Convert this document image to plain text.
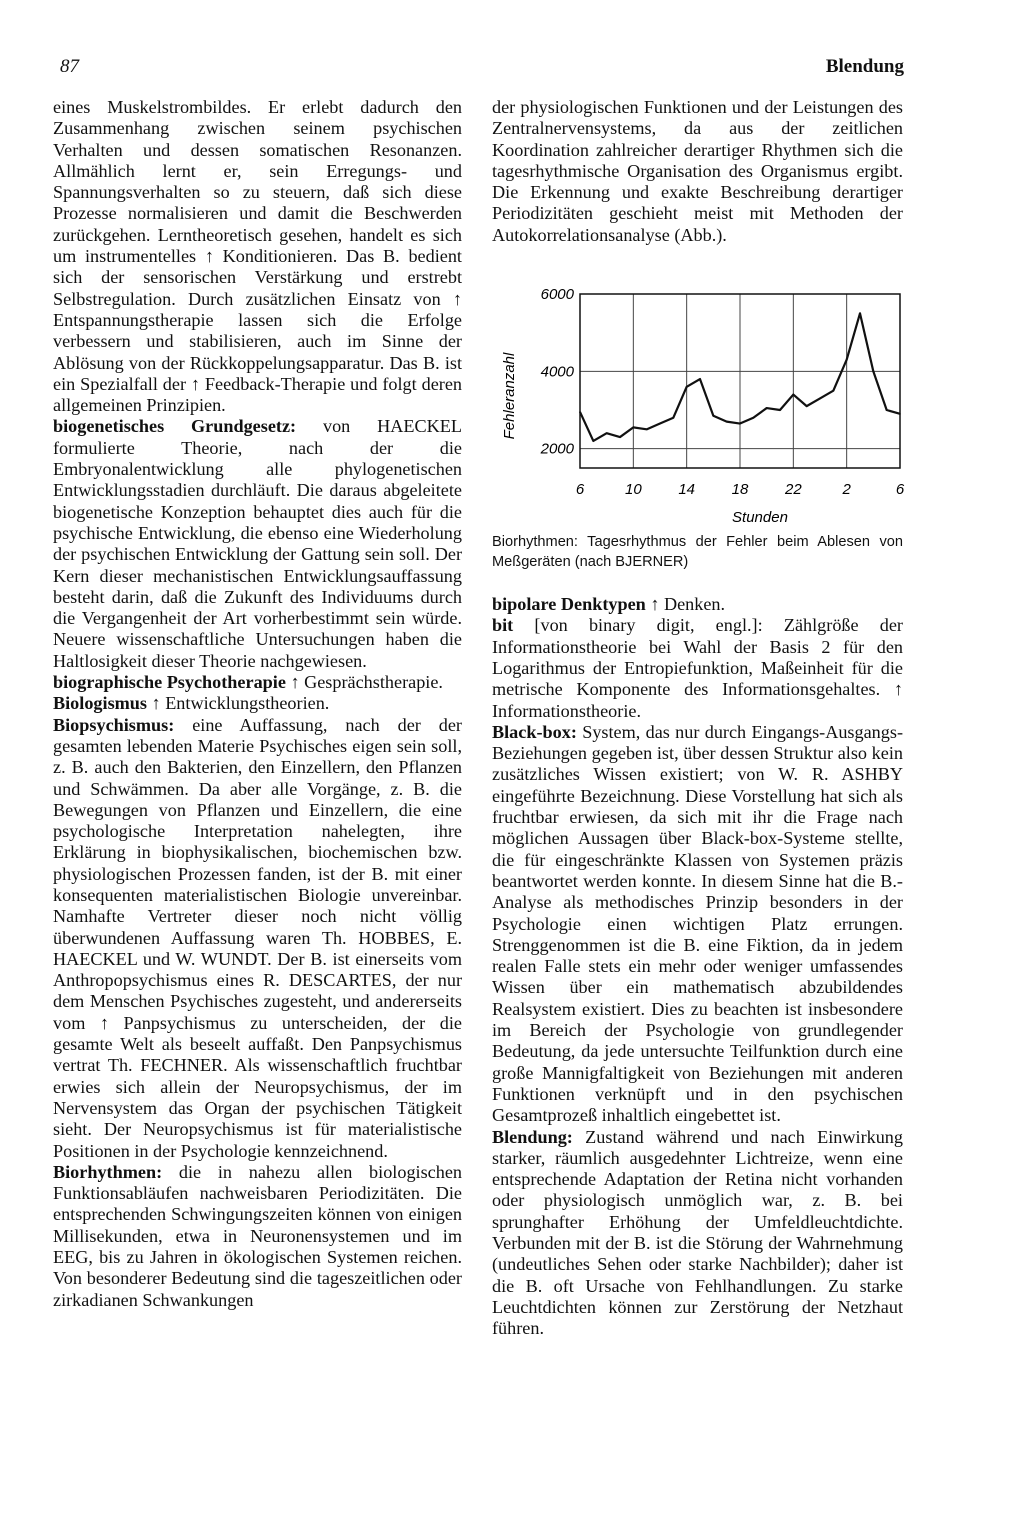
87	Blendung

eines Muskelstrombildes. Er erlebt dadurch den Zusammenhang zwischen seinem psychischen Verhalten und dessen somatischen Resonanzen. Allmählich lernt er, sein Erregungs- und Spannungsverhalten so zu steuern, daß sich diese Prozesse normalisieren und damit die Beschwerden zurückgehen. Lerntheoretisch gesehen, handelt es sich um instrumentelles ↑ Konditionieren. Das B. bedient sich der sensorischen Verstärkung und erstrebt Selbstregulation. Durch zusätzlichen Einsatz von ↑ Entspannungstherapie lassen sich die Erfolge verbessern und stabilisieren, auch im Sinne der Ablösung von der Rückkoppelungsapparatur. Das B. ist ein Spezialfall der ↑ Feedback-Therapie und folgt deren allgemeinen Prinzipien.

biogenetisches Grundgesetz: von HAECKEL formulierte Theorie, nach der die Embryonalentwicklung alle phylogenetischen Entwicklungsstadien durchläuft. Die daraus abgeleitete biogenetische Konzeption behauptet dies auch für die psychische Entwicklung, die ebenso eine Wiederholung der psychischen Entwicklung der Gattung sein soll. Der Kern dieser mechanistischen Entwicklungsauffassung besteht darin, daß die Zukunft des Individuums durch die Vergangenheit der Art vorherbestimmt sein würde. Neuere wissenschaftliche Untersuchungen haben die Haltlosigkeit dieser Theorie nachgewiesen.

biographische Psychotherapie ↑ Gesprächstherapie.

Biologismus ↑ Entwicklungstheorien.

Biopsychismus: eine Auffassung, nach der der gesamten lebenden Materie Psychisches eigen sein soll, z. B. auch den Bakterien, den Einzellern, den Pflanzen und Schwämmen. Da aber alle Vorgänge, z. B. die Bewegungen von Pflanzen und Einzellern, die eine psychologische Interpretation nahelegten, ihre Erklärung in biophysikalischen, biochemischen bzw. physiologischen Prozessen fanden, ist der B. mit einer konsequenten materialistischen Biologie unvereinbar. Namhafte Vertreter dieser noch nicht völlig überwundenen Auffassung waren Th. HOBBES, E. HAECKEL und W. WUNDT. Der B. ist einerseits vom Anthropopsychismus eines R. DESCARTES, der nur dem Menschen Psychisches zugesteht, und andererseits vom ↑ Panpsychismus zu unterscheiden, der die gesamte Welt als beseelt auffaßt. Den Panpsychismus vertrat Th. FECHNER. Als wissenschaftlich fruchtbar erwies sich allein der Neuropsychismus, der im Nervensystem das Organ der psychischen Tätigkeit sieht. Der Neuropsychismus ist für materialistische Positionen in der Psychologie kennzeichnend.

Biorhythmen: die in nahezu allen biologischen Funktionsabläufen nachweisbaren Periodizitäten. Die entsprechenden Schwingungszeiten können von einigen Millisekunden, etwa in Neuronensystemen und im EEG, bis zu Jahren in ökologischen Systemen reichen. Von besonderer Bedeutung sind die tageszeitlichen oder zirkadianen Schwankungen

der physiologischen Funktionen und der Leistungen des Zentralnervensystems, da aus der zeitlichen Koordination zahlreicher derartiger Rhythmen sich die tagesrhythmische Organisation des Organismus ergibt. Die Erkennung und exakte Beschreibung derartiger Periodizitäten geschieht meist mit Methoden der Autokorrelationsanalyse (Abb.).

6	10 14 18 22	2	6
2000
4000
6000
Stunden
Fehleranzahl
Biorhythmen: Tagesrhythmus der Fehler beim Ablesen von Meßgeräten (nach BJERNER)

bipolare Denktypen ↑ Denken.

bit [von binary digit, engl.]: Zählgröße der Informationstheorie bei Wahl der Basis 2 für den Logarithmus der Entropiefunktion, Maßeinheit für die metrische Komponente des Informationsgehaltes. ↑ Informationstheorie.

Black-box: System, das nur durch Eingangs-Ausgangs-Beziehungen gegeben ist, über dessen Struktur also kein zusätzliches Wissen existiert; von W. R. ASHBY eingeführte Bezeichnung. Diese Vorstellung hat sich als fruchtbar erwiesen, da sich mit ihr die Frage nach möglichen Aussagen über Black-box-Systeme stellte, die für eingeschränkte Klassen von Systemen präzis beantwortet werden konnte. In diesem Sinne hat die B.-Analyse als methodisches Prinzip besonders in der Psychologie einen wichtigen Platz errungen. Strenggenommen ist die B. eine Fiktion, da in jedem realen Falle stets ein mehr oder weniger umfassendes Wissen über ein mathematisch abzubildendes Realsystem existiert. Dies zu beachten ist insbesondere im Bereich der Psychologie von grundlegender Bedeutung, da jede untersuchte Teilfunktion durch eine große Mannigfaltigkeit von Beziehungen mit anderen Funktionen verknüpft und in den psychischen Gesamtprozeß inhaltlich eingebettet ist.

Blendung: Zustand während und nach Einwirkung starker, räumlich ausgedehnter Lichtreize, wenn eine entsprechende Adaptation der Retina nicht vorhanden oder physiologisch unmöglich war, z. B. bei sprunghafter Erhöhung der Umfeldleuchtdichte. Verbunden mit der B. ist die Störung der Wahrnehmung (undeutliches Sehen oder starke Nachbilder); daher ist die B. oft Ursache von Fehlhandlungen. Zu starke Leuchtdichten können zur Zerstörung der Netzhaut führen.
